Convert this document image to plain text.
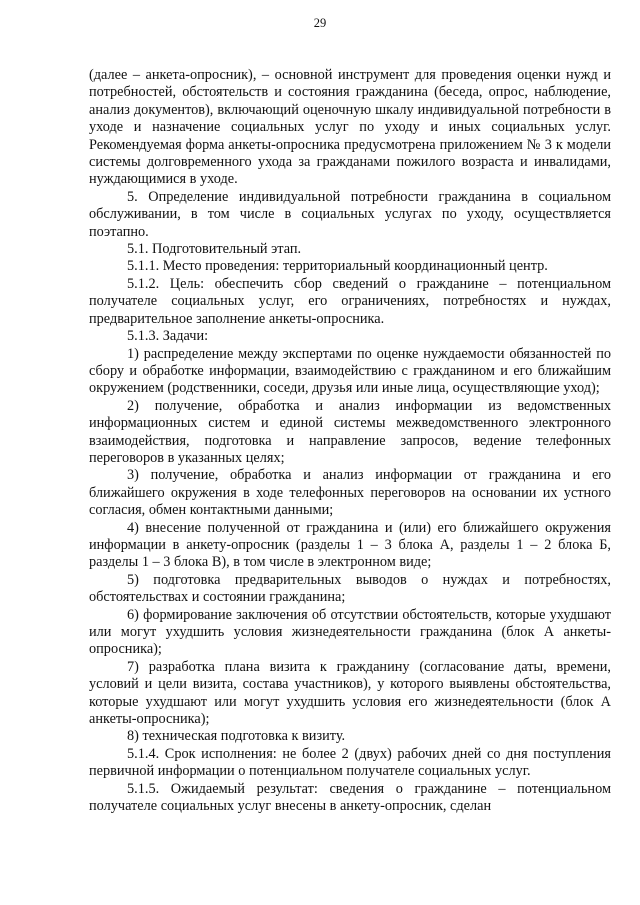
29

(далее – анкета-опросник), – основной инструмент для проведения оценки нужд и потребностей, обстоятельств и состояния гражданина (беседа, опрос, наблюдение, анализ документов), включающий оценочную шкалу индивидуальной потребности в уходе и назначение социальных услуг по уходу и иных социальных услуг. Рекомендуемая форма анкеты-опросника предусмотрена приложением № 3 к модели системы долговременного ухода за гражданами пожилого возраста и инвалидами, нуждающимися в уходе.

5. Определение индивидуальной потребности гражданина в социальном обслуживании, в том числе в социальных услугах по уходу, осуществляется поэтапно.

5.1. Подготовительный этап.

5.1.1. Место проведения: территориальный координационный центр.

5.1.2. Цель: обеспечить сбор сведений о гражданине – потенциальном получателе социальных услуг, его ограничениях, потребностях и нуждах, предварительное заполнение анкеты-опросника.

5.1.3. Задачи:

1) распределение между экспертами по оценке нуждаемости обязанностей по сбору и обработке информации, взаимодействию с гражданином и его ближайшим окружением (родственники, соседи, друзья или иные лица, осуществляющие уход);

2) получение, обработка и анализ информации из ведомственных информационных систем и единой системы межведомственного электронного взаимодействия, подготовка и направление запросов, ведение телефонных переговоров в указанных целях;

3) получение, обработка и анализ информации от гражданина и его ближайшего окружения в ходе телефонных переговоров на основании их устного согласия, обмен контактными данными;

4) внесение полученной от гражданина и (или) его ближайшего окружения информации в анкету-опросник (разделы 1 – 3 блока А, разделы 1 – 2 блока Б, разделы 1 – 3 блока В), в том числе в электронном виде;

5) подготовка предварительных выводов о нуждах и потребностях, обстоятельствах и состоянии гражданина;

6) формирование заключения об отсутствии обстоятельств, которые ухудшают или могут ухудшить условия жизнедеятельности гражданина (блок А анкеты-опросника);

7) разработка плана визита к гражданину (согласование даты, времени, условий и цели визита, состава участников), у которого выявлены обстоятельства, которые ухудшают или могут ухудшить условия его жизнедеятельности (блок А анкеты-опросника);

8) техническая подготовка к визиту.

5.1.4. Срок исполнения: не более 2 (двух) рабочих дней со дня поступления первичной информации о потенциальном получателе социальных услуг.

5.1.5. Ожидаемый результат: сведения о гражданине – потенциальном получателе социальных услуг внесены в анкету-опросник, сделан
